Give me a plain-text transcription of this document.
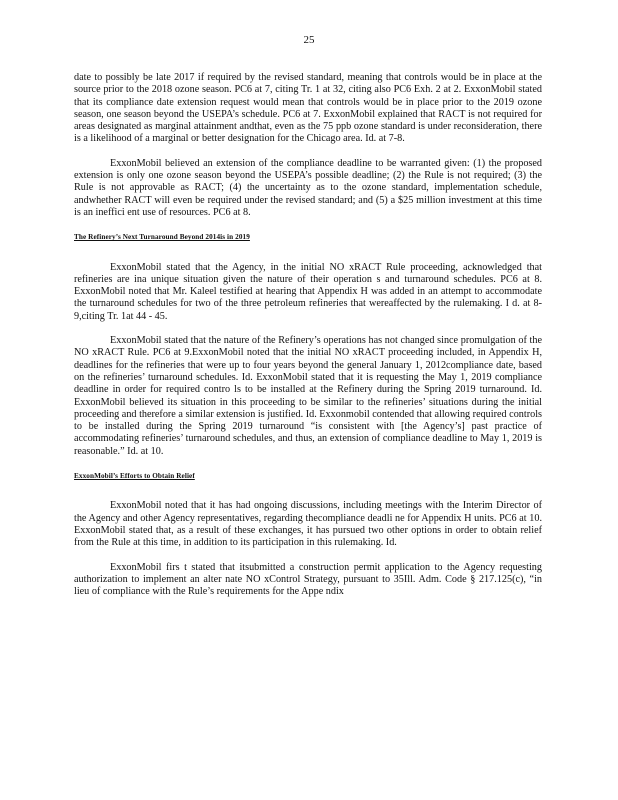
25

date to possibly be late 2017 if required by the revised standard, meaning that controls would be in place at the source prior to the 2018 ozone season. PC6 at 7, citing Tr. 1 at 32, citing also PC6 Exh. 2 at 2. ExxonMobil stated that its compliance date extension request would mean that controls would be in place prior to the 2019 ozone season, one season beyond the USEPA’s schedule. PC6 at 7. ExxonMobil explained that RACT is not required for areas designated as marginal attainment andthat, even as the 75 ppb ozone standard is under reconsideration, there is a likelihood of a marginal or better designation for the Chicago area. Id. at 7-8.

ExxonMobil believed an extension of the compliance deadline to be warranted given: (1) the proposed extension is only one ozone season beyond the USEPA’s possible deadline; (2) the Rule is not required; (3) the Rule is not approvable as RACT; (4) the uncertainty as to the ozone standard, implementation schedule, andwhether RACT will even be required under the revised standard; and (5) a $25 million investment at this time is an ineffici ent use of resources. PC6 at 8.

The Refinery’s Next Turnaround Beyond 2014is in 2019

ExxonMobil stated that the Agency, in the initial NO xRACT Rule proceeding, acknowledged that refineries are ina unique situation given the nature of their operation s and turnaround schedules. PC6 at 8. ExxonMobil noted that Mr. Kaleel testified at hearing that Appendix H was added in an attempt to accommodate the turnaround schedules for two of the three petroleum refineries that wereaffected by the rulemaking. I d. at 8-9,citing Tr. 1at 44 - 45.

ExxonMobil stated that the nature of the Refinery’s operations has not changed since promulgation of the NO xRACT Rule. PC6 at 9.ExxonMobil noted that the initial NO xRACT proceeding included, in Appendix H, deadlines for the refineries that were up to four years beyond the general January 1, 2012compliance date, based on the refineries’ turnaround schedules. Id. ExxonMobil stated that it is requesting the May 1, 2019 compliance deadline in order for required contro ls to be installed at the Refinery during the Spring 2019 turnaround. Id. ExxonMobil believed its situation in this proceeding to be similar to the refineries’ situations during the initial proceeding and therefore a similar extension is justified. Id. Exxonmobil contended that allowing required controls to be installed during the Spring 2019 turnaround “is consistent with [the Agency’s] past practice of accommodating refineries’ turnaround schedules, and thus, an extension of compliance deadline to May 1, 2019 is reasonable.” Id. at 10.

ExxonMobil’s Efforts to Obtain Relief

ExxonMobil noted that it has had ongoing discussions, including meetings with the Interim Director of the Agency and other Agency representatives, regarding thecompliance deadli ne for Appendix H units. PC6 at 10. ExxonMobil stated that, as a result of these exchanges, it has pursued two other options in order to obtain relief from the Rule at this time, in addition to its participation in this rulemaking. Id.

ExxonMobil firs t stated that itsubmitted a construction permit application to the Agency requesting authorization to implement an alter nate NO xControl Strategy, pursuant to 35Ill. Adm. Code § 217.125(c), “in lieu of compliance with the Rule’s requirements for the Appe ndix
